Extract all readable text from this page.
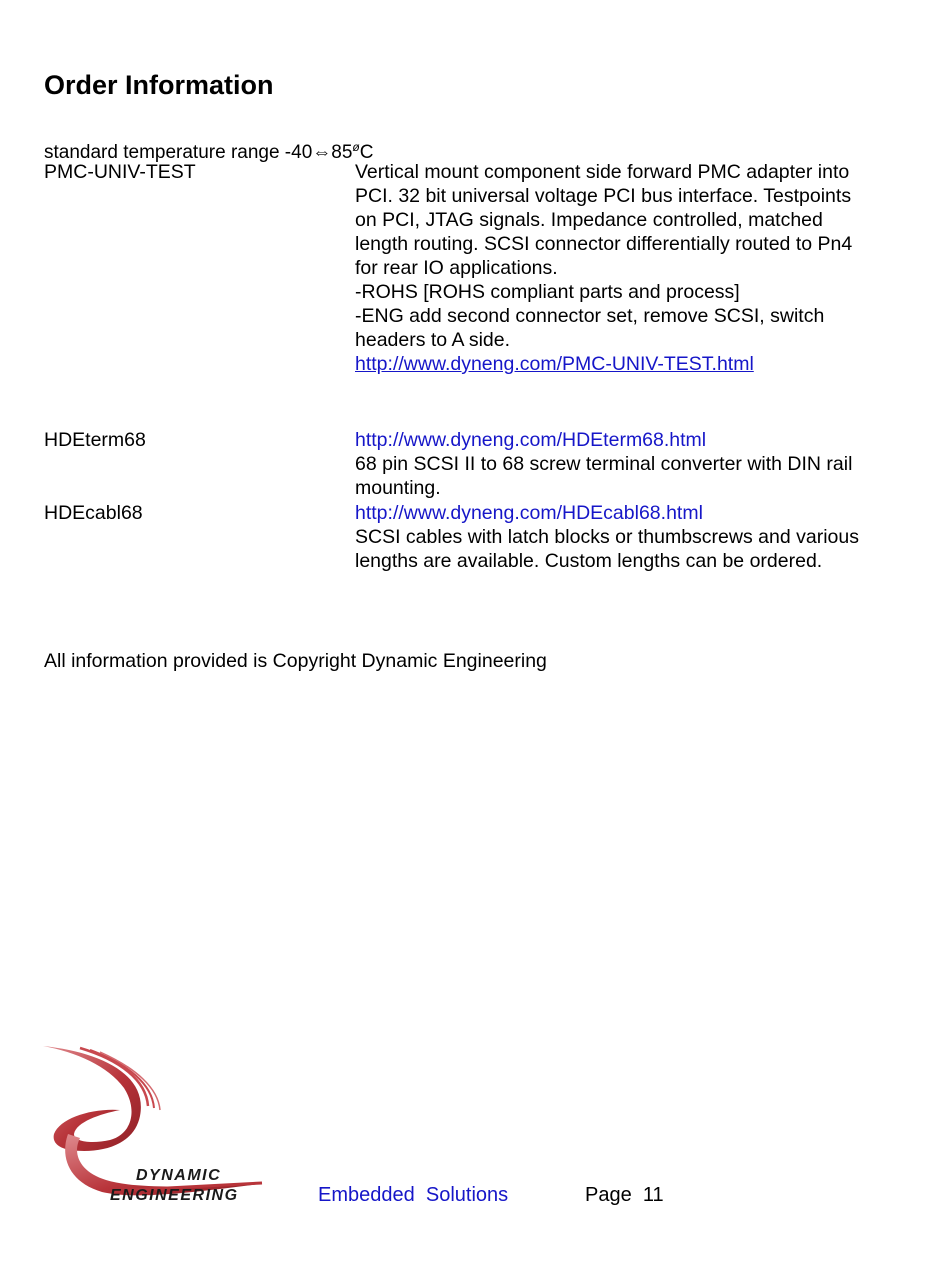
Order Information
standard temperature range $-40\Leftrightarrow 85^øC$
PMC-UNIV-TEST	Vertical mount component side forward PMC adapter into PCI. 32 bit universal voltage PCI bus interface. Testpoints on PCI, JTAG signals. Impedance controlled, matched length routing. SCSI connector differentially routed to Pn4 for rear IO applications.

-ROHS [ROHS compliant parts and process]

-ENG add second connector set, remove SCSI, switch headers to A side.

http://www.dyneng.com/PMC-UNIV-TEST.html

HDEterm68	http://www.dyneng.com/HDEterm68.html

68 pin SCSI II to 68 screw terminal converter with DIN rail mounting.

HDEcabl68	http://www.dyneng.com/HDEcabl68.html

SCSI cables with latch blocks or thumbscrews and various lengths are available. Custom lengths can be ordered.

All information provided is Copyright Dynamic Engineering
DYNAMIC
ENGINEERING	Embedded  Solutions	Page  11
